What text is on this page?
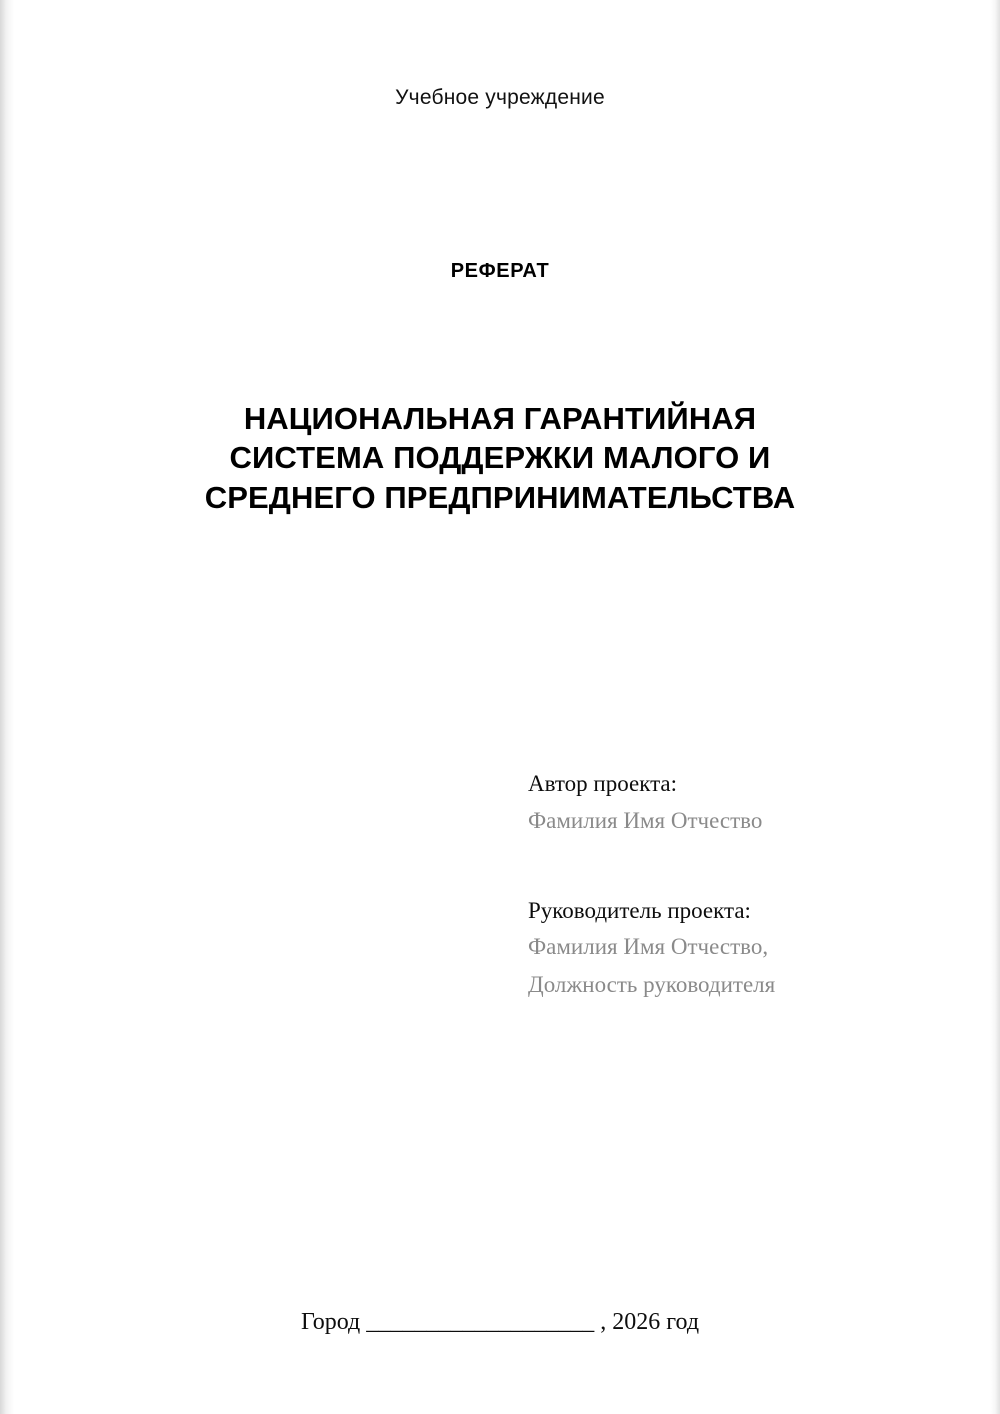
Учебное учреждение
РЕФЕРАТ
НАЦИОНАЛЬНАЯ ГАРАНТИЙНАЯ
СИСТЕМА ПОДДЕРЖКИ МАЛОГО И
СРЕДНЕГО ПРЕДПРИНИМАТЕЛЬСТВА
Автор проекта:
Фамилия Имя Отчество
Руководитель проекта:
Фамилия Имя Отчество,
Должность руководителя
Город ___________________ , 2026 год
